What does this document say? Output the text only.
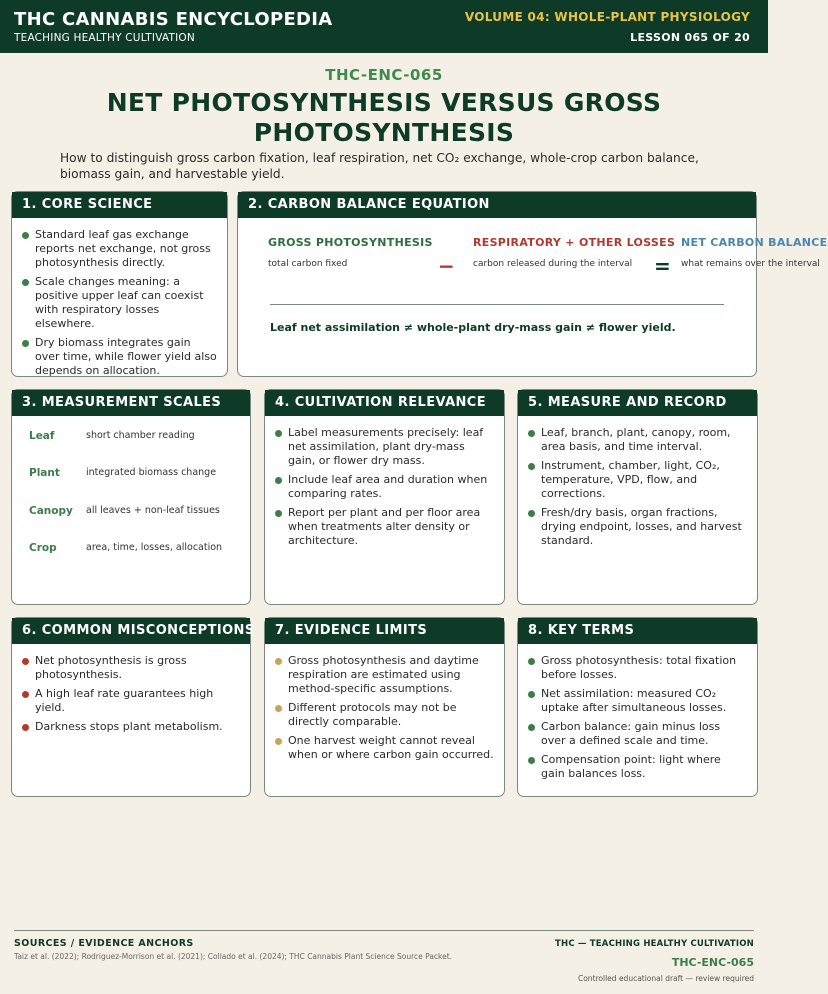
THC CANNABIS ENCYCLOPEDIA
TEACHING HEALTHY CULTIVATION
VOLUME 04: WHOLE-PLANT PHYSIOLOGY
LESSON 065 OF 20
THC-ENC-065
NET PHOTOSYNTHESIS VERSUS GROSS PHOTOSYNTHESIS
How to distinguish gross carbon fixation, leaf respiration, net CO₂ exchange, whole-crop carbon balance, biomass gain, and harvestable yield.
1. CORE SCIENCE
Standard leaf gas exchange reports net exchange, not gross photosynthesis directly.
Scale changes meaning: a positive upper leaf can coexist with respiratory losses elsewhere.
Dry biomass integrates gain over time, while flower yield also depends on allocation.
2. CARBON BALANCE EQUATION
GROSS PHOTOSYNTHESIS
total carbon fixed	−
RESPIRATORY + OTHER LOSSES
carbon released during the interval	=
NET CARBON BALANCE
what remains over the interval
Leaf net assimilation ≠ whole-plant dry-mass gain ≠ flower yield.
3. MEASUREMENT SCALES
Leaf	short chamber reading
Plant	integrated biomass change
Canopy all leaves + non-leaf tissues
Crop	area, time, losses, allocation
4. CULTIVATION RELEVANCE
Label measurements precisely: leaf net assimilation, plant dry-mass gain, or flower dry mass.
Include leaf area and duration when comparing rates.
Report per plant and per floor area when treatments alter density or architecture.
5. MEASURE AND RECORD
Leaf, branch, plant, canopy, room, area basis, and time interval.
Instrument, chamber, light, CO₂, temperature, VPD, flow, and corrections.
Fresh/dry basis, organ fractions, drying endpoint, losses, and harvest standard.
6. COMMON MISCONCEPTIONS
Net photosynthesis is gross photosynthesis.
A high leaf rate guarantees high yield.
Darkness stops plant metabolism.
7. EVIDENCE LIMITS
Gross photosynthesis and daytime respiration are estimated using method-specific assumptions.
Different protocols may not be directly comparable.
One harvest weight cannot reveal when or where carbon gain occurred.
8. KEY TERMS
Gross photosynthesis: total fixation before losses.
Net assimilation: measured CO₂ uptake after simultaneous losses.
Carbon balance: gain minus loss over a defined scale and time.
Compensation point: light where gain balances loss.
SOURCES / EVIDENCE ANCHORS
Taiz et al. (2022); Rodriguez-Morrison et al. (2021); Collado et al. (2024); THC Cannabis Plant Science Source Packet.
THC — TEACHING HEALTHY CULTIVATION
THC-ENC-065
Controlled educational draft — review required
